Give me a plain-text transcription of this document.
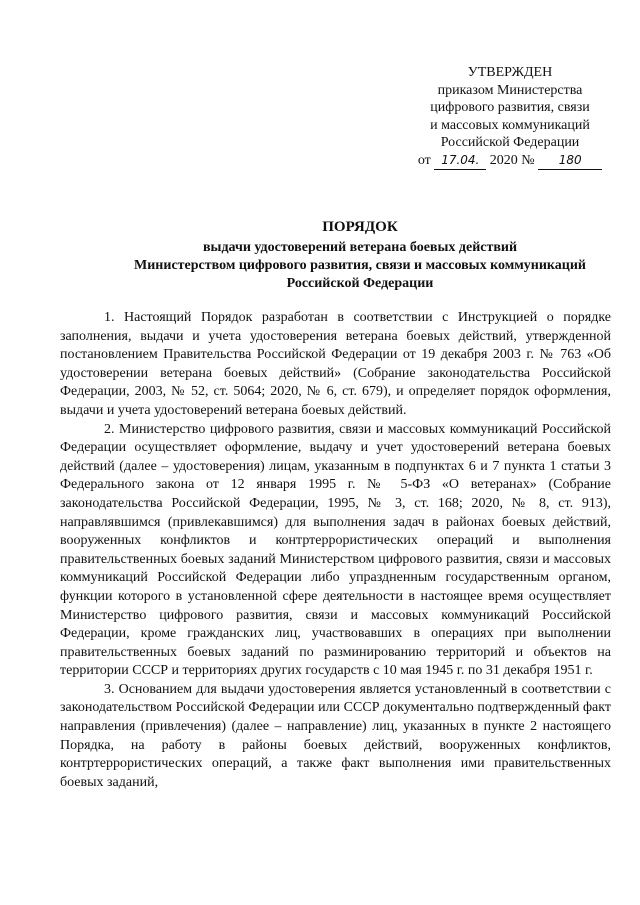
УТВЕРЖДЕН
приказом Министерства
цифрового развития, связи
и массовых коммуникаций
Российской Федерации
от 17.04. 2020 № 180
ПОРЯДОК
выдачи удостоверений ветерана боевых действий
Министерством цифрового развития, связи и массовых коммуникаций
Российской Федерации

1. Настоящий Порядок разработан в соответствии с Инструкцией о порядке заполнения, выдачи и учета удостоверения ветерана боевых действий, утвержденной постановлением Правительства Российской Федерации от 19 декабря 2003 г. № 763 «Об удостоверении ветерана боевых действий» (Собрание законодательства Российской Федерации, 2003, № 52, ст. 5064; 2020, № 6, ст. 679), и определяет порядок оформления, выдачи и учета удостоверений ветерана боевых действий.

2. Министерство цифрового развития, связи и массовых коммуникаций Российской Федерации осуществляет оформление, выдачу и учет удостоверений ветерана боевых действий (далее – удостоверения) лицам, указанным в подпунктах 6 и 7 пункта 1 статьи 3 Федерального закона от 12 января 1995 г. № 5-ФЗ «О ветеранах» (Собрание законодательства Российской Федерации, 1995, № 3, ст. 168; 2020, № 8, ст. 913), направлявшимся (привлекавшимся) для выполнения задач в районах боевых действий, вооруженных конфликтов и контртеррористических операций и выполнения правительственных боевых заданий Министерством цифрового развития, связи и массовых коммуникаций Российской Федерации либо упраздненным государственным органом, функции которого в установленной сфере деятельности в настоящее время осуществляет Министерство цифрового развития, связи и массовых коммуникаций Российской Федерации, кроме гражданских лиц, участвовавших в операциях при выполнении правительственных боевых заданий по разминированию территорий и объектов на территории СССР и территориях других государств с 10 мая 1945 г. по 31 декабря 1951 г.

3. Основанием для выдачи удостоверения является установленный в соответствии с законодательством Российской Федерации или СССР документально подтвержденный факт направления (привлечения) (далее – направление) лиц, указанных в пункте 2 настоящего Порядка, на работу в районы боевых действий, вооруженных конфликтов, контртеррористических операций, а также факт выполнения ими правительственных боевых заданий,
